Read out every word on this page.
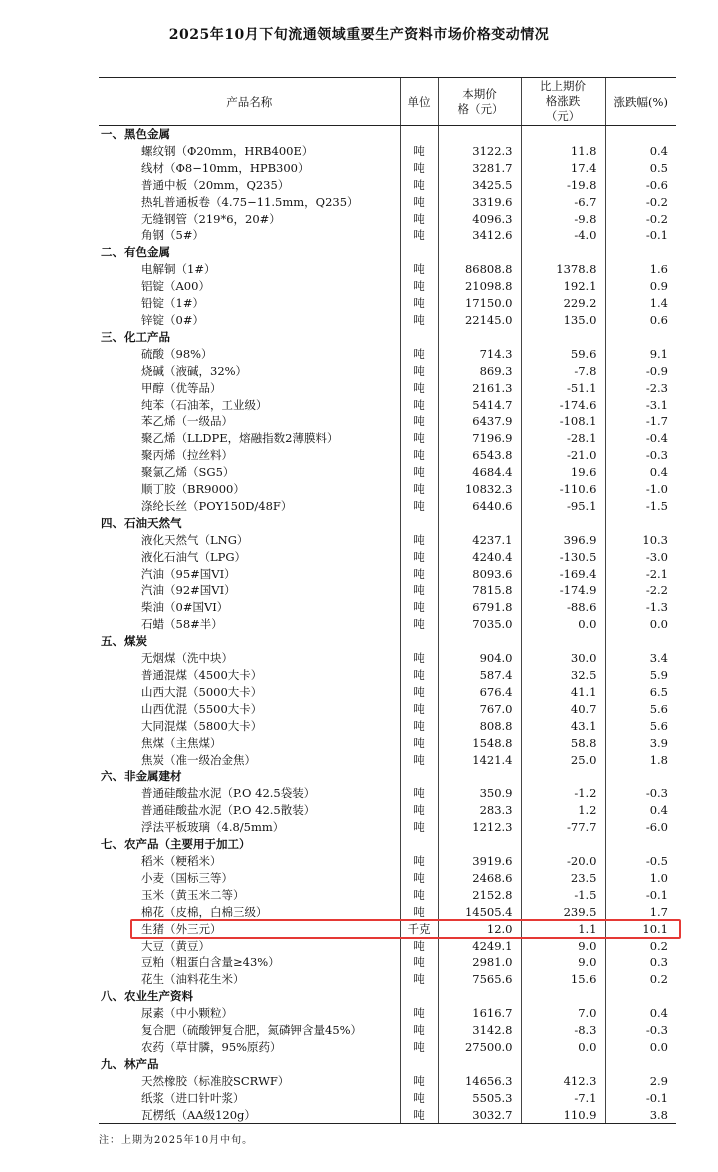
2025年10月下旬流通领域重要生产资料市场价格变动情况
产品名称	单位	本期价格（元）	比上期价格涨跌（元）	涨跌幅(%)
一、黑色金属				
螺纹钢（Φ20mm，HRB400E）	吨	3122.3	11.8	0.4
线材（Φ8−10mm，HPB300）	吨	3281.7	17.4	0.5
普通中板（20mm，Q235）	吨	3425.5	-19.8	-0.6
热轧普通板卷（4.75−11.5mm，Q235）	吨	3319.6	-6.7	-0.2
无缝钢管（219*6，20#）	吨	4096.3	-9.8	-0.2
角钢（5#）	吨	3412.6	-4.0	-0.1
二、有色金属				
电解铜（1#）	吨	86808.8	1378.8	1.6
铝锭（A00）	吨	21098.8	192.1	0.9
铅锭（1#）	吨	17150.0	229.2	1.4
锌锭（0#）	吨	22145.0	135.0	0.6
三、化工产品				
硫酸（98%）	吨	714.3	59.6	9.1
烧碱（液碱，32%）	吨	869.3	-7.8	-0.9
甲醇（优等品）	吨	2161.3	-51.1	-2.3
纯苯（石油苯，工业级）	吨	5414.7	-174.6	-3.1
苯乙烯（一级品）	吨	6437.9	-108.1	-1.7
聚乙烯（LLDPE，熔融指数2薄膜料）	吨	7196.9	-28.1	-0.4
聚丙烯（拉丝料）	吨	6543.8	-21.0	-0.3
聚氯乙烯（SG5）	吨	4684.4	19.6	0.4
顺丁胶（BR9000）	吨	10832.3	-110.6	-1.0
涤纶长丝（POY150D/48F）	吨	6440.6	-95.1	-1.5
四、石油天然气				
液化天然气（LNG）	吨	4237.1	396.9	10.3
液化石油气（LPG）	吨	4240.4	-130.5	-3.0
汽油（95#国VI）	吨	8093.6	-169.4	-2.1
汽油（92#国VI）	吨	7815.8	-174.9	-2.2
柴油（0#国VI）	吨	6791.8	-88.6	-1.3
石蜡（58#半）	吨	7035.0	0.0	0.0
五、煤炭				
无烟煤（洗中块）	吨	904.0	30.0	3.4
普通混煤（4500大卡）	吨	587.4	32.5	5.9
山西大混（5000大卡）	吨	676.4	41.1	6.5
山西优混（5500大卡）	吨	767.0	40.7	5.6
大同混煤（5800大卡）	吨	808.8	43.1	5.6
焦煤（主焦煤）	吨	1548.8	58.8	3.9
焦炭（准一级冶金焦）	吨	1421.4	25.0	1.8
六、非金属建材				
普通硅酸盐水泥（P.O 42.5袋装）	吨	350.9	-1.2	-0.3
普通硅酸盐水泥（P.O 42.5散装）	吨	283.3	1.2	0.4
浮法平板玻璃（4.8/5mm）	吨	1212.3	-77.7	-6.0
七、农产品（主要用于加工）				
稻米（粳稻米）	吨	3919.6	-20.0	-0.5
小麦（国标三等）	吨	2468.6	23.5	1.0
玉米（黄玉米二等）	吨	2152.8	-1.5	-0.1
棉花（皮棉，白棉三级）	吨	14505.4	239.5	1.7
生猪（外三元）	千克	12.0	1.1	10.1
大豆（黄豆）	吨	4249.1	9.0	0.2
豆粕（粗蛋白含量≥43%）	吨	2981.0	9.0	0.3
花生（油料花生米）	吨	7565.6	15.6	0.2
八、农业生产资料				
尿素（中小颗粒）	吨	1616.7	7.0	0.4
复合肥（硫酸钾复合肥，氮磷钾含量45%）	吨	3142.8	-8.3	-0.3
农药（草甘膦，95%原药）	吨	27500.0	0.0	0.0
九、林产品				
天然橡胶（标准胶SCRWF）	吨	14656.3	412.3	2.9
纸浆（进口针叶浆）	吨	5505.3	-7.1	-0.1
瓦楞纸（AA级120g）	吨	3032.7	110.9	3.8
注：上期为2025年10月中旬。
